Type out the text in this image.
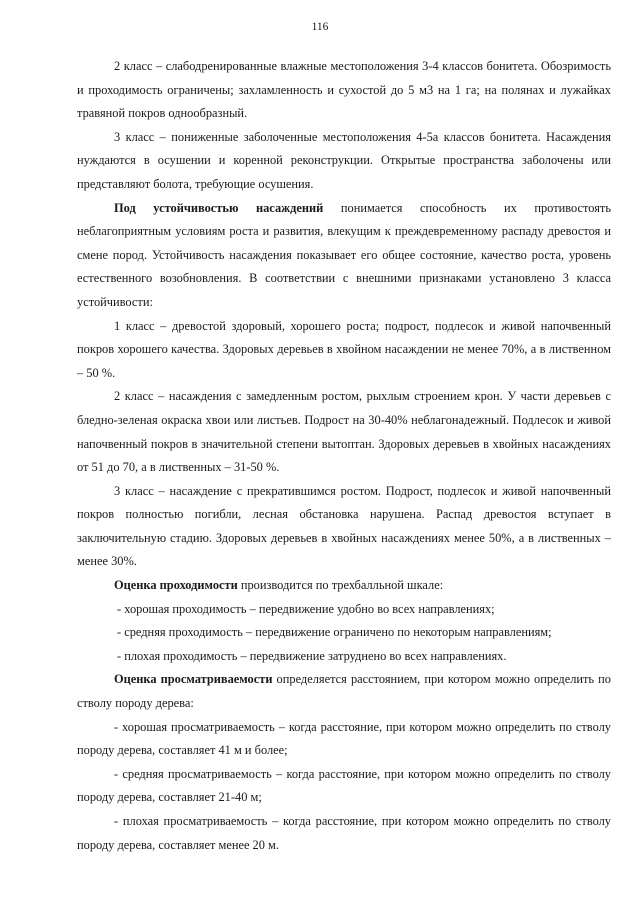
116

2 класс – слабодренированные влажные местоположения 3-4 классов бонитета. Обозримость и проходимость ограничены; захламленность и сухостой до 5 м3 на 1 га; на полянах и лужайках травяной покров однообразный.

3 класс – пониженные заболоченные местоположения 4-5а классов бонитета. Насаждения нуждаются в осушении и коренной реконструкции. Открытые пространства заболочены или представляют болота, требующие осушения.

Под устойчивостью насаждений понимается способность их противостоять неблагоприятным условиям роста и развития, влекущим к преждевременному распаду древостоя и смене пород. Устойчивость насаждения показывает его общее состояние, качество роста, уровень естественного возобновления. В соответствии с внешними признаками установлено 3 класса устойчивости:

1 класс – древостой здоровый, хорошего роста; подрост, подлесок и живой напочвенный покров хорошего качества. Здоровых деревьев в хвойном насаждении не менее 70%, а в лиственном – 50 %.

2 класс – насаждения с замедленным ростом, рыхлым строением крон. У части деревьев с бледно-зеленая окраска хвои или листьев. Подрост на 30-40% неблагонадежный. Подлесок и живой напочвенный покров в значительной степени вытоптан. Здоровых деревьев в хвойных насаждениях от 51 до 70, а в лиственных – 31-50 %.

3 класс – насаждение с прекратившимся ростом. Подрост, подлесок и живой напочвенный покров полностью погибли, лесная обстановка нарушена. Распад древостоя вступает в заключительную стадию. Здоровых деревьев в хвойных насаждениях менее 50%, а в лиственных – менее 30%.

Оценка проходимости производится по трехбалльной шкале:

- хорошая проходимость – передвижение удобно во всех направлениях;

- средняя проходимость – передвижение ограничено по некоторым направлениям;

- плохая проходимость – передвижение затруднено во всех направлениях.

Оценка просматриваемости определяется расстоянием, при котором можно определить по стволу породу дерева:

- хорошая просматриваемость – когда расстояние, при котором можно определить по стволу породу дерева, составляет 41 м и более;

- средняя просматриваемость – когда расстояние, при котором можно определить по стволу породу дерева, составляет 21-40 м;

- плохая просматриваемость – когда расстояние, при котором можно определить по стволу породу дерева, составляет менее 20 м.
